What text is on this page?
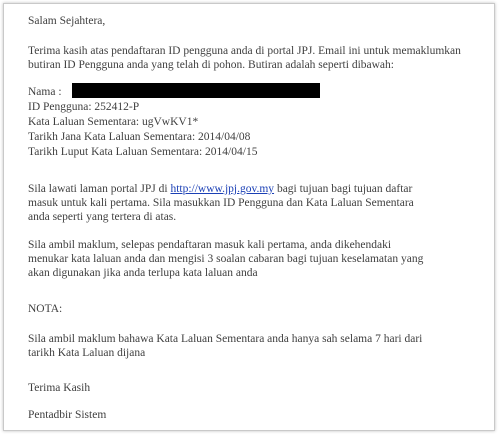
Salam Sejahtera,
Terima kasih atas pendaftaran ID pengguna anda di portal JPJ. Email ini untuk memaklumkan
butiran ID Pengguna anda yang telah di pohon. Butiran adalah seperti dibawah:
Nama :
ID Pengguna: 252412-P
Kata Laluan Sementara: ugVwKV1*
Tarikh Jana Kata Laluan Sementara: 2014/04/08
Tarikh Luput Kata Laluan Sementara: 2014/04/15
Sila lawati laman portal JPJ di http://www.jpj.gov.my bagi tujuan bagi tujuan daftar
masuk untuk kali pertama. Sila masukkan ID Pengguna dan Kata Laluan Sementara
anda seperti yang tertera di atas.
Sila ambil maklum, selepas pendaftaran masuk kali pertama, anda dikehendaki
menukar kata laluan anda dan mengisi 3 soalan cabaran bagi tujuan keselamatan yang
akan digunakan jika anda terlupa kata laluan anda
NOTA:
Sila ambil maklum bahawa Kata Laluan Sementara anda hanya sah selama 7 hari dari
tarikh Kata Laluan dijana
Terima Kasih
Pentadbir Sistem
